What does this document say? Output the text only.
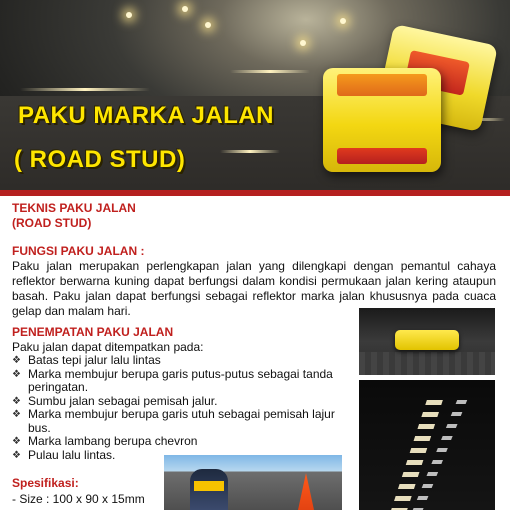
PAKU MARKA JALAN
( ROAD STUD)
TEKNIS PAKU JALAN
(ROAD STUD)
FUNGSI PAKU JALAN :
Paku jalan merupakan perlengkapan jalan yang dilengkapi dengan pemantul cahaya reflektor berwarna kuning dapat berfungsi dalam kondisi permukaan jalan kering ataupun basah. Paku jalan dapat berfungsi sebagai reflektor marka jalan khususnya pada cuaca gelap dan malam hari.
PENEMPATAN PAKU JALAN
Paku jalan dapat ditempatkan pada:
❖ Batas tepi jalur lalu lintas
❖ Marka membujur berupa garis putus-putus sebagai tanda peringatan.
❖ Sumbu jalan sebagai pemisah jalur.
❖ Marka membujur berupa garis utuh sebagai pemisah lajur bus.
❖ Marka lambang berupa chevron
❖ Pulau lalu lintas.
Spesifikasi:
- Size : 100 x 90 x 15mm
